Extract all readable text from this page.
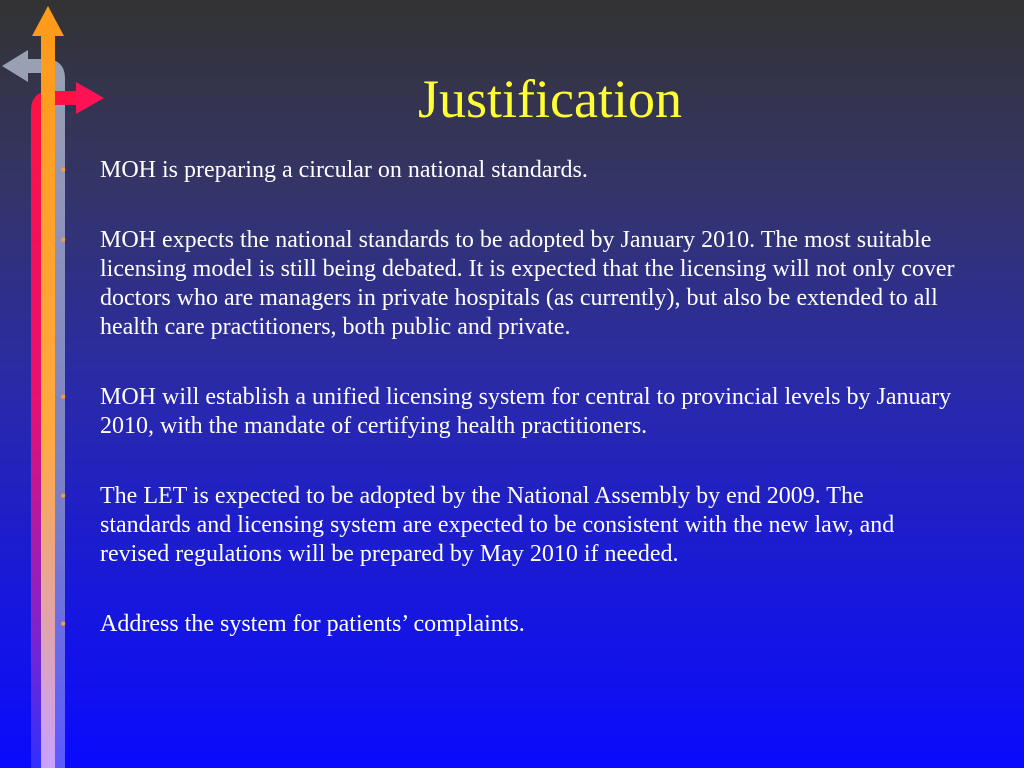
Justification
• MOH is preparing a circular on national standards.
• MOH expects the national standards to be adopted by January 2010. The most suitable licensing model is still being debated. It is expected that the licensing will not only cover doctors who are managers in private hospitals (as currently), but also be extended to all health care practitioners, both public and private.
• MOH will establish a unified licensing system for central to provincial levels by January 2010, with the mandate of certifying health practitioners.
• The LET is expected to be adopted by the National Assembly by end 2009. The standards and licensing system are expected to be consistent with the new law, and revised regulations will be prepared by May 2010 if needed.
• Address the system for patients’ complaints.
